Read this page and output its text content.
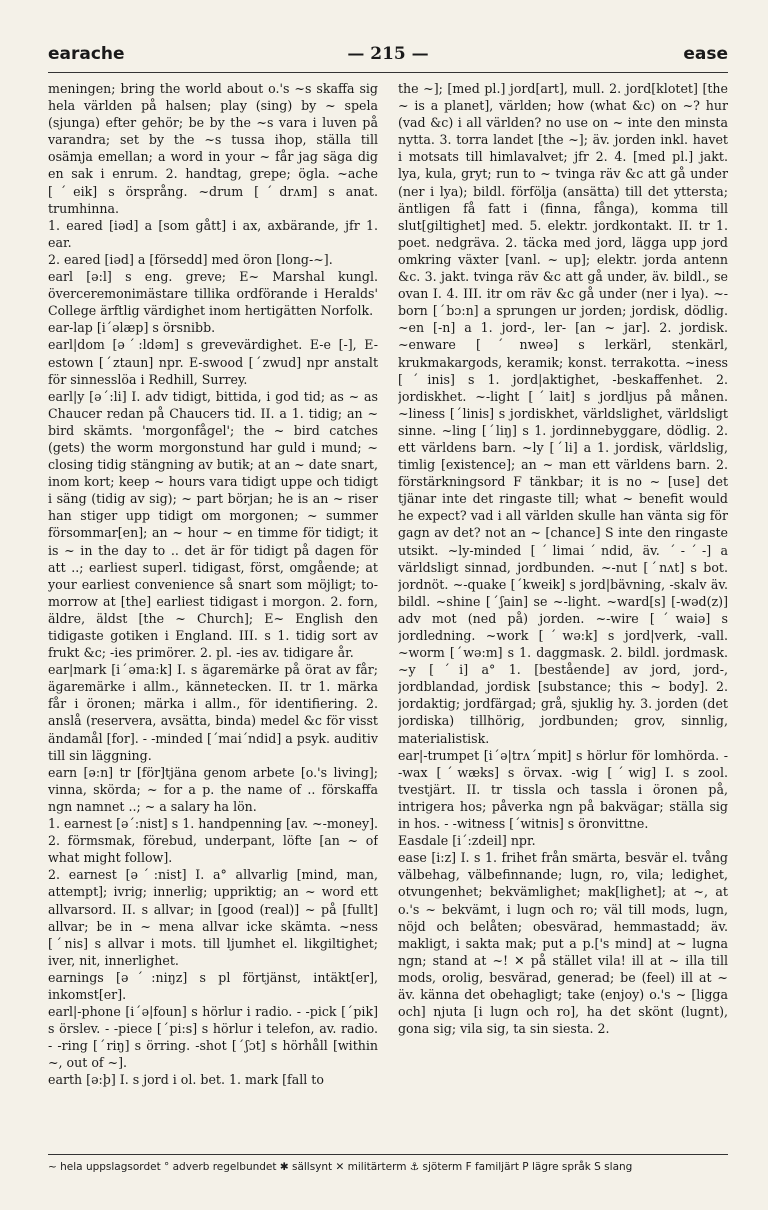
— 215 —
earache	ease

meningen; bring the world about o.'s ~s skaffa sig hela världen på halsen; play (sing) by ~ spela (sjunga) efter gehör; be by the ~s vara i luven på varandra; set by the ~s tussa ihop, ställa till osämja emellan; a word in your ~ får jag säga dig en sak i enrum. 2. handtag, grepe; ögla. ~ache [ˊeik] s örsprång. ~drum [ˊdrʌm] s anat. trumhinna.

1. eared [iəd] a [som gått] i ax, axbärande, jfr 1. ear.

2. eared [iəd] a [försedd] med öron [long-~].

earl [ə:l] s eng. greve; E~ Marshal kungl. överceremonimästare tillika ordförande i Heralds' College ärftlig värdighet inom hertigätten Norfolk.

ear-lap [iˊəlæp] s örsnibb.

earl|dom [əˊ:ldəm] s grevevärdighet. E-e [-], E-estown [ˊztaun] npr. E-swood [ˊzwud] npr anstalt för sinnesslöa i Redhill, Surrey.

earl|y [əˊ:li] I. adv tidigt, bittida, i god tid; as ~ as Chaucer redan på Chaucers tid. II. a 1. tidig; an ~ bird skämts. 'morgonfågel'; the ~ bird catches (gets) the worm morgonstund har guld i mund; ~ closing tidig stängning av butik; at an ~ date snart, inom kort; keep ~ hours vara tidigt uppe och tidigt i säng (tidig av sig); ~ part början; he is an ~ riser han stiger upp tidigt om morgonen; ~ summer försommar[en]; an ~ hour ~ en timme för tidigt; it is ~ in the day to .. det är för tidigt på dagen för att ..; earliest superl. tidigast, först, omgående; at your earliest convenience så snart som möjligt; to-morrow at [the] earliest tidigast i morgon. 2. forn, äldre, äldst [the ~ Church]; E~ English den tidigaste gotiken i England. III. s 1. tidig sort av frukt &c; -ies primörer. 2. pl. -ies av. tidigare år.

ear|mark [iˊəma:k] I. s ägaremärke på örat av får; ägaremärke i allm., kännetecken. II. tr 1. märka får i öronen; märka i allm., för identifiering. 2. anslå (reservera, avsätta, binda) medel &c för visst ändamål [for]. - -minded [ˊmaiˊndid] a psyk. auditiv till sin läggning.

earn [ə:n] tr [för]tjäna genom arbete [o.'s living]; vinna, skörda; ~ for a p. the name of .. förskaffa ngn namnet ..; ~ a salary ha lön.

1. earnest [əˊ:nist] s 1. handpenning [av. ~-money]. 2. förmsmak, förebud, underpant, löfte [an ~ of what might follow].

2. earnest [əˊ:nist] I. a° allvarlig [mind, man, attempt]; ivrig; innerlig; uppriktig; an ~ word ett allvarsord. II. s allvar; in [good (real)] ~ på [fullt] allvar; be in ~ mena allvar icke skämta. ~ness [ˊnis] s allvar i mots. till ljumhet el. likgiltighet; iver, nit, innerlighet.

earnings [əˊ:niŋz] s pl förtjänst, intäkt[er], inkomst[er].

earl|-phone [iˊə|foun] s hörlur i radio. - -pick [ˊpik] s örslev. - -piece [ˊpi:s] s hörlur i telefon, av. radio. - -ring [ˊriŋ] s örring. -shot [ˊʃɔt] s hörhåll [within ~, out of ~].

earth [ə:þ] I. s jord i ol. bet. 1. mark [fall to

the ~]; [med pl.] jord[art], mull. 2. jord[klotet] [the ~ is a planet], världen; how (what &c) on ~? hur (vad &c) i all världen? no use on ~ inte den minsta nytta. 3. torra landet [the ~]; äv. jorden inkl. havet i motsats till himlavalvet; jfr 2. 4. [med pl.] jakt. lya, kula, gryt; run to ~ tvinga räv &c att gå under (ner i lya); bildl. förfölja (ansätta) till det yttersta; äntligen få fatt i (finna, fånga), komma till slut[giltighet] med. 5. elektr. jordkontakt. II. tr 1. poet. nedgräva. 2. täcka med jord, lägga upp jord omkring växter [vanl. ~ up]; elektr. jorda antenn &c. 3. jakt. tvinga räv &c att gå under, äv. bildl., se ovan I. 4. III. itr om räv &c gå under (ner i lya). ~-born [ˊbɔ:n] a sprungen ur jorden; jordisk, dödlig. ~en [-n] a 1. jord-, ler- [an ~ jar]. 2. jordisk. ~enware [ˊnweə] s lerkärl, stenkärl, krukmakargods, keramik; konst. terrakotta. ~iness [ˊinis] s 1. jord|aktighet, -beskaffenhet. 2. jordiskhet. ~-light [ˊlait] s jordljus på månen. ~liness [ˊlinis] s jordiskhet, världslighet, världsligt sinne. ~ling [ˊliŋ] s 1. jordinnebyggare, dödlig. 2. ett världens barn. ~ly [ˊli] a 1. jordisk, världslig, timlig [existence]; an ~ man ett världens barn. 2. förstärkningsord F tänkbar; it is no ~ [use] det tjänar inte det ringaste till; what ~ benefit would he expect? vad i all världen skulle han vänta sig för gagn av det? not an ~ [chance] S inte den ringaste utsikt. ~ly-minded [ˊlimaiˊndid, äv. ˊ-ˊ-] a världsligt sinnad, jordbunden. ~-nut [ˊnʌt] s bot. jordnöt. ~-quake [ˊkweik] s jord|bävning, -skalv äv. bildl. ~shine [ˊʃain] se ~-light. ~ward[s] [-wəd(z)] adv mot (ned på) jorden. ~-wire [ˊwaiə] s jordledning. ~work [ˊwə:k] s jord|verk, -vall. ~worm [ˊwə:m] s 1. daggmask. 2. bildl. jordmask. ~y [ˊi] a° 1. [bestående] av jord, jord-, jordblandad, jordisk [substance; this ~ body]. 2. jordaktig; jordfärgad; grå, sjuklig hy. 3. jorden (det jordiska) tillhörig, jordbunden; grov, sinnlig, materialistisk.

ear|-trumpet [iˊə|trʌˊmpit] s hörlur för lomhörda. - -wax [ˊwæks] s örvax. -wig [ˊwig] I. s zool. tvestjärt. II. tr tissla och tassla i öronen på, intrigera hos; påverka ngn på bakvägar; ställa sig in hos. - -witness [ˊwitnis] s öronvittne.

Easdale [iˊ:zdeil] npr.

ease [i:z] I. s 1. frihet från smärta, besvär el. tvång välbehag, välbefinnande; lugn, ro, vila; ledighet, otvungenhet; bekvämlighet; mak[lighet]; at ~, at o.'s ~ bekvämt, i lugn och ro; väl till mods, lugn, nöjd och belåten; obesvärad, hemmastadd; äv. makligt, i sakta mak; put a p.['s mind] at ~ lugna ngn; stand at ~! ✕ på stället vila! ill at ~ illa till mods, orolig, besvärad, generad; be (feel) ill at ~ äv. känna det obehagligt; take (enjoy) o.'s ~ [ligga och] njuta [i lugn och ro], ha det skönt (lugnt), gona sig; vila sig, ta sin siesta. 2.

~ hela uppslagsordet ° adverb regelbundet ✱ sällsynt ✕ militärterm ⚓ sjöterm F familjärt P lägre språk S slang
